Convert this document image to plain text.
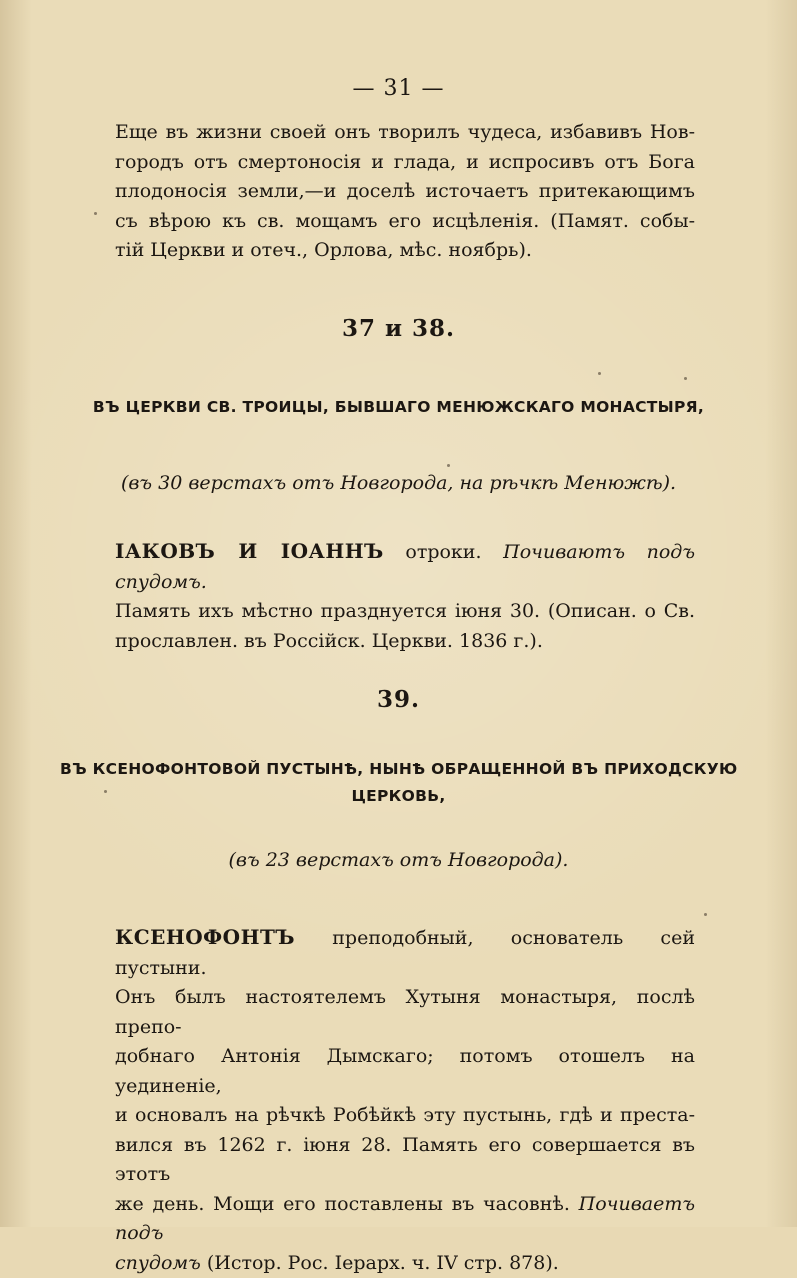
— 31 —
Еще въ жизни своей онъ творилъ чудеса, избавивъ Нов-
городъ отъ смертоносія и глада, и испросивъ отъ Бога
плодоносія земли,—и доселѣ источаетъ притекающимъ
съ вѣрою къ св. мощамъ его исцѣленія. (Памят. собы-
тій Церкви и отеч., Орлова, мѣс. ноябрь).
37 и 38.
ВЪ ЦЕРКВИ СВ. ТРОИЦЫ, БЫВШАГО МЕНЮЖСКАГО МОНАСТЫРЯ,
(въ 30 верстахъ отъ Новгорода, на рѣчкѣ Менюжѣ).
IАКОВЪ И IОАННЪ отроки. Почиваютъ подъ спудомъ.
Память ихъ мѣстно празднуется iюня 30. (Описан. о Св.
прославлен. въ Россійск. Церкви. 1836 г.).
39.
ВЪ КСЕНОФОНТОВОЙ ПУСТЫНѢ, НЫНѢ ОБРАЩЕННОЙ ВЪ ПРИХОДСКУЮ
ЦЕРКОВЬ,
(въ 23 верстахъ отъ Новгорода).
КСЕНОФОНТЪ преподобный, основатель сей пустыни.
Онъ былъ настоятелемъ Хутыня монастыря, послѣ препо-
добнаго Антонія Дымскаго; потомъ отошелъ на уединеніе,
и основалъ на рѣчкѣ Робѣйкѣ эту пустынь, гдѣ и преста-
вился въ 1262 г. iюня 28. Память его совершается въ этотъ
же день. Мощи его поставлены въ часовнѣ. Почиваетъ подъ
спудомъ (Истор. Рос. Iерарх. ч. IV стр. 878).
